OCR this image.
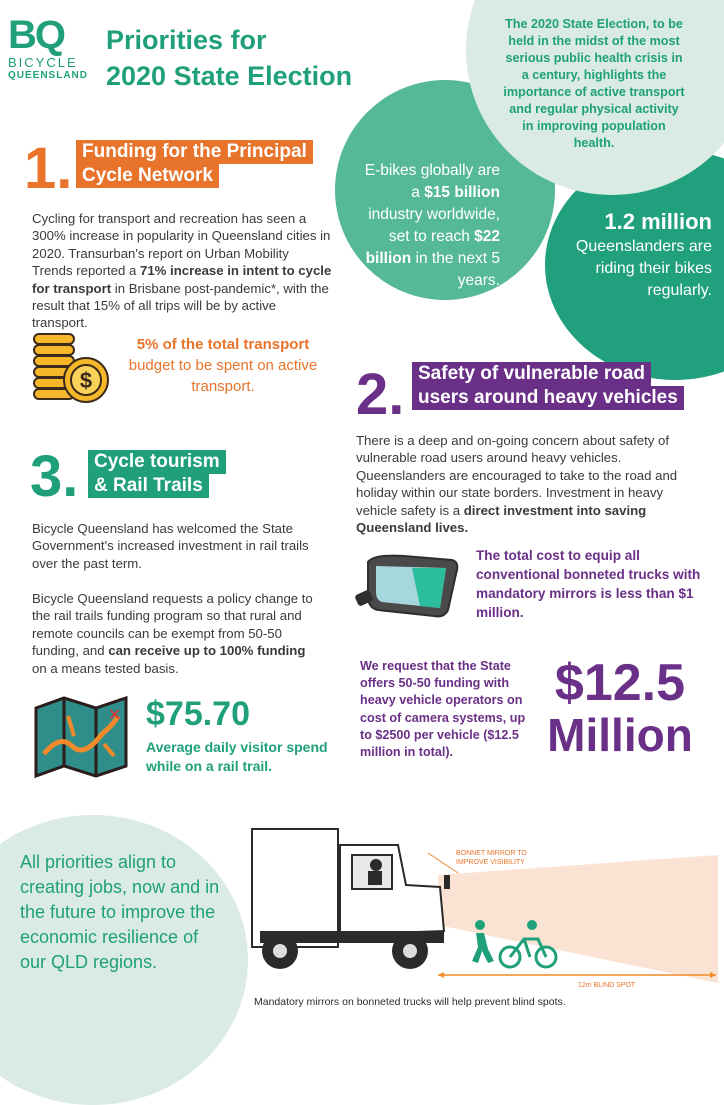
BQ
BICYCLE
QUEENSLAND
Priorities for
2020 State Election
The 2020 State Election, to be held in the midst of the most serious public health crisis in a century, highlights the importance of active transport and regular physical activity in improving population health.
E-bikes globally are a $15 billion industry worldwide, set to reach $22 billion in the next 5 years.
1.2 million
Queenslanders are riding their bikes regularly.
1. Funding for the Principal
Cycle Network
Cycling for transport and recreation has seen a 300% increase in popularity in Queensland cities in 2020. Transurban's report on Urban Mobility Trends reported a 71% increase in intent to cycle for transport in Brisbane post-pandemic*, with the result that 15% of all trips will be by active transport.
$
5% of the total transport
budget to be spent on active transport.	2. Safety of vulnerable road
users around heavy vehicles
There is a deep and on-going concern about safety of vulnerable road users around heavy vehicles. Queenslanders are encouraged to take to the road and holiday within our state borders. Investment in heavy vehicle safety is a direct investment into saving Queensland lives.
The total cost to equip all conventional bonneted trucks with mandatory mirrors is less than $1 million.
We request that the State offers 50-50 funding with heavy vehicle operators on cost of camera systems, up to $2500 per vehicle ($12.5 million in total).
$12.5
Million
3. Cycle tourism
& Rail Trails
Bicycle Queensland has welcomed the State Government's increased investment in rail trails over the past term.
Bicycle Queensland requests a policy change to the rail trails funding program so that rural and remote councils can be exempt from 50-50 funding, and can receive up to 100% funding on a means tested basis.
✕ $75.70
Average daily visitor spend while on a rail trail.
All priorities align to creating jobs, now and in the future to improve the economic resilience of our QLD regions.
BONNET MIRROR TO
IMPROVE VISIBILITY
12m BLIND SPOT
Mandatory mirrors on bonneted trucks will help prevent blind spots.
